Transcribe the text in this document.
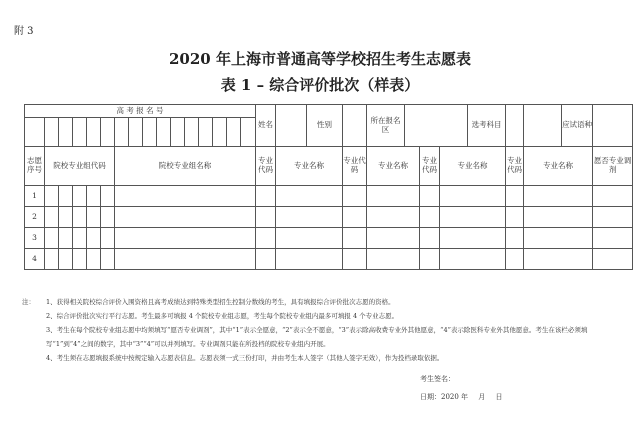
附 3
2020 年上海市普通高等学校招生考生志愿表
表 1 – 综合评价批次（样表）
高 考 报 名 号																姓名		性别		所在报名区				选考科目			应试语种	

志愿序号	院校专业组代码					院校专业组名称										专业代码	专业名称		专业代码	专业名称		专业代码	专业名称		专业代码	专业名称		愿否专业调剂
1																												
2																												
3																												
4																												
注： 1、获得相关院校综合评价入围资格且高考成绩达到特殊类型招生控制分数线的考生，具有填报综合评价批次志愿的资格。
2、综合评价批次实行平行志愿。考生最多可填报 4 个院校专业组志愿，考生每个院校专业组内最多可填报 4 个专业志愿。
3、考生在每个院校专业组志愿中均须填写“愿否专业调剂”，其中“1”表示全愿意，“2”表示全不愿意，“3”表示除高收费专业外其他愿意，“4”表示除医科专业外其他愿意。考生在该栏必须填写“1”到“4”之间的数字，其中“3”“4”可以并列填写。专业调剂只能在所投档的院校专业组内开展。
4、考生须在志愿填报系统中按规定输入志愿表信息。志愿表须一式三份打印，并由考生本人签字（其他人签字无效），作为投档录取依据。
考生签名：
日期：2020 年 月 日
